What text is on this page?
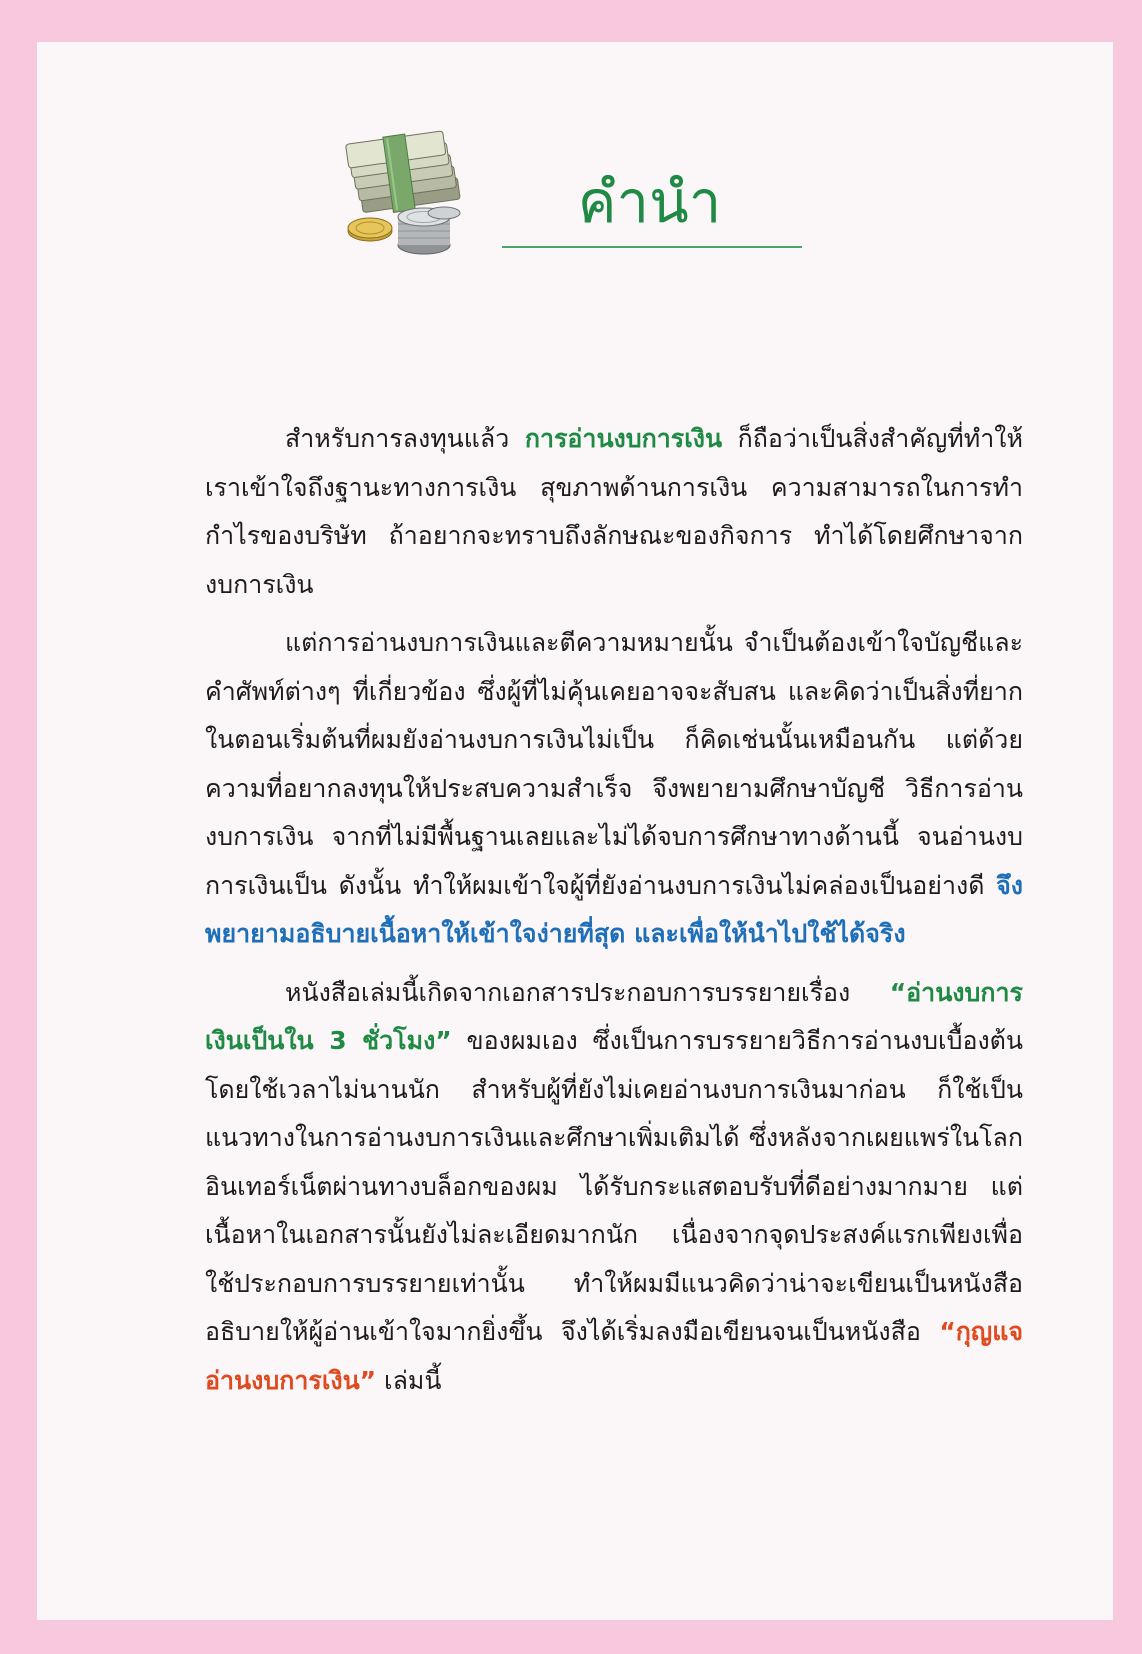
คำนำ

สำหรับการลงทุนแล้ว การอ่านงบการเงิน ก็ถือว่าเป็นสิ่งสำคัญที่ทำให้เราเข้าใจถึงฐานะทางการเงิน สุขภาพด้านการเงิน ความสามารถในการทำกำไรของบริษัท ถ้าอยากจะทราบถึงลักษณะของกิจการ ทำได้โดยศึกษาจากงบการเงิน

แต่การอ่านงบการเงินและตีความหมายนั้น จำเป็นต้องเข้าใจบัญชีและคำศัพท์ต่างๆ ที่เกี่ยวข้อง ซึ่งผู้ที่ไม่คุ้นเคยอาจจะสับสน และคิดว่าเป็นสิ่งที่ยาก ในตอนเริ่มต้นที่ผมยังอ่านงบการเงินไม่เป็น ก็คิดเช่นนั้นเหมือนกัน แต่ด้วยความที่อยากลงทุนให้ประสบความสำเร็จ จึงพยายามศึกษาบัญชี วิธีการอ่านงบการเงิน จากที่ไม่มีพื้นฐานเลยและไม่ได้จบการศึกษาทางด้านนี้ จนอ่านงบการเงินเป็น ดังนั้น ทำให้ผมเข้าใจผู้ที่ยังอ่านงบการเงินไม่คล่องเป็นอย่างดี จึงพยายามอธิบายเนื้อหาให้เข้าใจง่ายที่สุด และเพื่อให้นำไปใช้ได้จริง

หนังสือเล่มนี้เกิดจากเอกสารประกอบการบรรยายเรื่อง “อ่านงบการเงินเป็นใน 3 ชั่วโมง” ของผมเอง ซึ่งเป็นการบรรยายวิธีการอ่านงบเบื้องต้น โดยใช้เวลาไม่นานนัก สำหรับผู้ที่ยังไม่เคยอ่านงบการเงินมาก่อน ก็ใช้เป็นแนวทางในการอ่านงบการเงินและศึกษาเพิ่มเติมได้ ซึ่งหลังจากเผยแพร่ในโลกอินเทอร์เน็ตผ่านทางบล็อกของผม ได้รับกระแสตอบรับที่ดีอย่างมากมาย แต่เนื้อหาในเอกสารนั้นยังไม่ละเอียดมากนัก เนื่องจากจุดประสงค์แรกเพียงเพื่อใช้ประกอบการบรรยายเท่านั้น ทำให้ผมมีแนวคิดว่าน่าจะเขียนเป็นหนังสืออธิบายให้ผู้อ่านเข้าใจมากยิ่งขึ้น จึงได้เริ่มลงมือเขียนจนเป็นหนังสือ “กุญแจอ่านงบการเงิน” เล่มนี้
